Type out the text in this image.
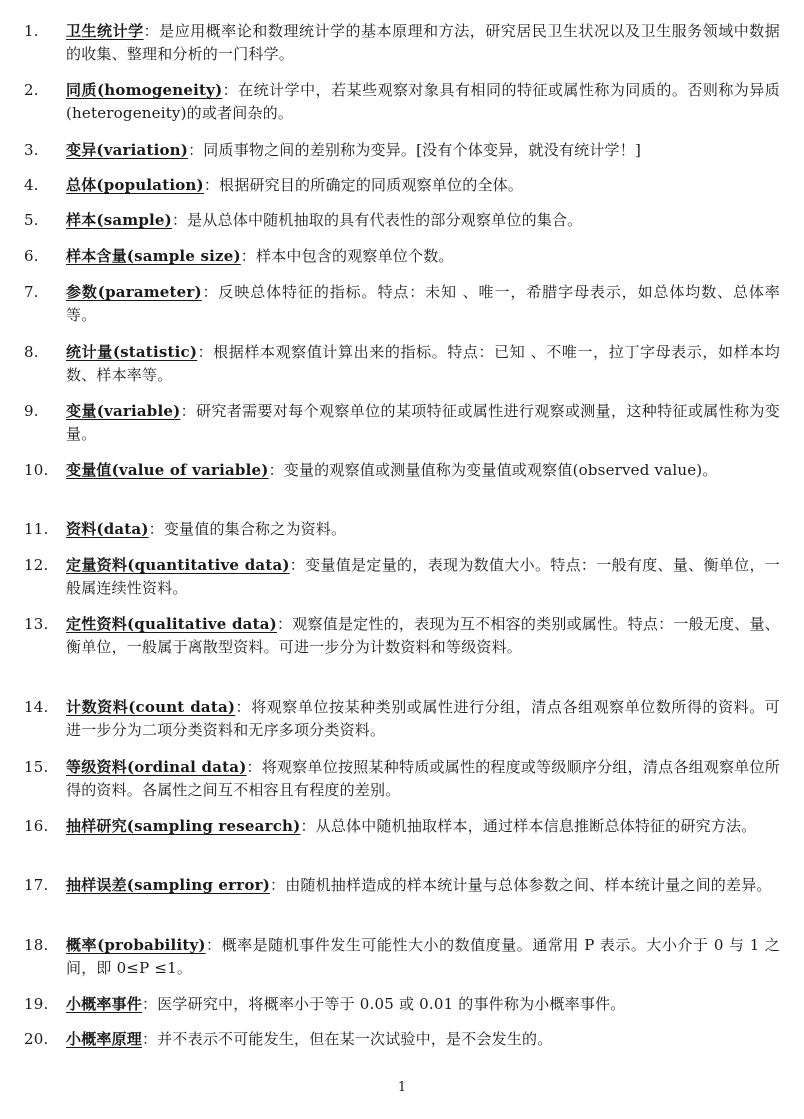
1.	卫生统计学：是应用概率论和数理统计学的基本原理和方法，研究居民卫生状况以及卫生服务领域中数据的收集、整理和分析的一门科学。
2.	同质(homogeneity)：在统计学中，若某些观察对象具有相同的特征或属性称为同质的。否则称为异质(heterogeneity)的或者间杂的。
3.	变异(variation)：同质事物之间的差别称为变异。[没有个体变异，就没有统计学！]
4.	总体(population)：根据研究目的所确定的同质观察单位的全体。
5.	样本(sample)：是从总体中随机抽取的具有代表性的部分观察单位的集合。
6.	样本含量(sample size)：样本中包含的观察单位个数。
7.	参数(parameter)：反映总体特征的指标。特点：未知 、唯一，希腊字母表示，如总体均数、总体率等。
8.	统计量(statistic)：根据样本观察值计算出来的指标。特点：已知 、不唯一，拉丁字母表示，如样本均数、样本率等。
9.	变量(variable)：研究者需要对每个观察单位的某项特征或属性进行观察或测量，这种特征或属性称为变量。
10.	变量值(value of variable)：变量的观察值或测量值称为变量值或观察值(observed value)。
11.	资料(data)：变量值的集合称之为资料。
12.	定量资料(quantitative data)：变量值是定量的，表现为数值大小。特点：一般有度、量、衡单位，一般属连续性资料。
13.	定性资料(qualitative data)：观察值是定性的，表现为互不相容的类别或属性。特点：一般无度、量、衡单位，一般属于离散型资料。可进一步分为计数资料和等级资料。
14.	计数资料(count data)：将观察单位按某种类别或属性进行分组，清点各组观察单位数所得的资料。可进一步分为二项分类资料和无序多项分类资料。
15.	等级资料(ordinal data)：将观察单位按照某种特质或属性的程度或等级顺序分组，清点各组观察单位所得的资料。各属性之间互不相容且有程度的差别。
16.	抽样研究(sampling research)：从总体中随机抽取样本，通过样本信息推断总体特征的研究方法。
17.	抽样误差(sampling error)：由随机抽样造成的样本统计量与总体参数之间、样本统计量之间的差异。
18.	概率(probability)：概率是随机事件发生可能性大小的数值度量。通常用 P 表示。大小介于 0 与 1 之间，即 0≤P ≤1。
19.	小概率事件：医学研究中，将概率小于等于 0.05 或 0.01 的事件称为小概率事件。
20.	小概率原理：并不表示不可能发生，但在某一次试验中，是不会发生的。
1
